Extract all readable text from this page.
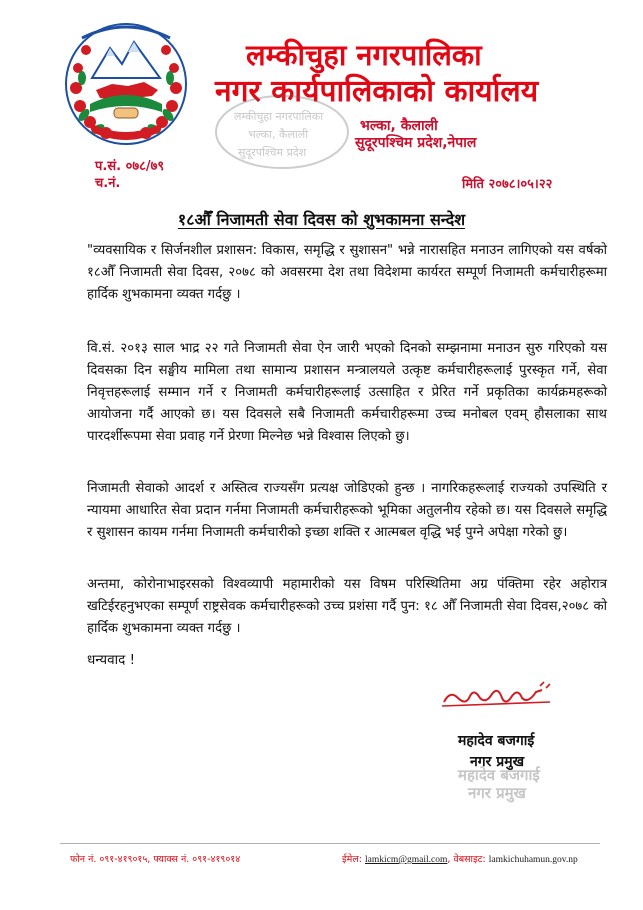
लम्कीचुहा नगरपालिका
नगर कार्यपालिकाको कार्यालय
लम्कीचुहा नगरपालिका
भल्का, कैलाली
सुदूरपश्चिम प्रदेश
भल्का, कैलाली
सुदूरपश्चिम प्रदेश,नेपाल
प.सं. ०७८/७९
च.नं.	मिति २०७८।०५।२२
१८औँ निजामती सेवा दिवस को शुभकामना सन्देश
"व्यवसायिक र सिर्जनशील प्रशासन: विकास, समृद्धि र सुशासन" भन्ने नारासहित मनाउन लागिएको यस वर्षको १८औँ निजामती सेवा दिवस, २०७८ को अवसरमा देश तथा विदेशमा कार्यरत सम्पूर्ण निजामती कर्मचारीहरूमा हार्दिक शुभकामना व्यक्त गर्दछु ।
वि.सं. २०१३ साल भाद्र २२ गते निजामती सेवा ऐन जारी भएको दिनको सम्झनामा मनाउन सुरु गरिएको यस दिवसका दिन सङ्घीय मामिला तथा सामान्य प्रशासन मन्त्रालयले उत्कृष्ट कर्मचारीहरूलाई पुरस्कृत गर्ने, सेवा निवृत्तहरूलाई सम्मान गर्ने र निजामती कर्मचारीहरूलाई उत्साहित र प्रेरित गर्ने प्रकृतिका कार्यक्रमहरूको आयोजना गर्दै आएको छ। यस दिवसले सबै निजामती कर्मचारीहरूमा उच्च मनोबल एवम् हौसलाका साथ पारदर्शीरूपमा सेवा प्रवाह गर्ने प्रेरणा मिल्नेछ भन्ने विश्वास लिएको छु।
निजामती सेवाको आदर्श र अस्तित्व राज्यसँग प्रत्यक्ष जोडिएको हुन्छ । नागरिकहरूलाई राज्यको उपस्थिति र न्यायमा आधारित सेवा प्रदान गर्नमा निजामती कर्मचारीहरूको भूमिका अतुलनीय रहेको छ। यस दिवसले समृद्धि र सुशासन कायम गर्नमा निजामती कर्मचारीको इच्छा शक्ति र आत्मबल वृद्धि भई पुग्ने अपेक्षा गरेको छु।
अन्तमा, कोरोनाभाइरसको विश्वव्यापी महामारीको यस विषम परिस्थितिमा अग्र पंक्तिमा रहेर अहोरात्र खटिईरहनुभएका सम्पूर्ण राष्ट्रसेवक कर्मचारीहरूको उच्च प्रशंसा गर्दै पुन: १८ औँ निजामती सेवा दिवस,२०७८ को हार्दिक शुभकामना व्यक्त गर्दछु ।
धन्यवाद !
महादेव बजगाई
नगर प्रमुख
महादेव बजगाई
नगर प्रमुख
फोन नं. ०९१-४१९०१५, फ्याक्स नं. ०९१-४१९०१४	ईमेल: lamkicm@gmail.com, वेबसाइट: lamkichuhamun.gov.np
